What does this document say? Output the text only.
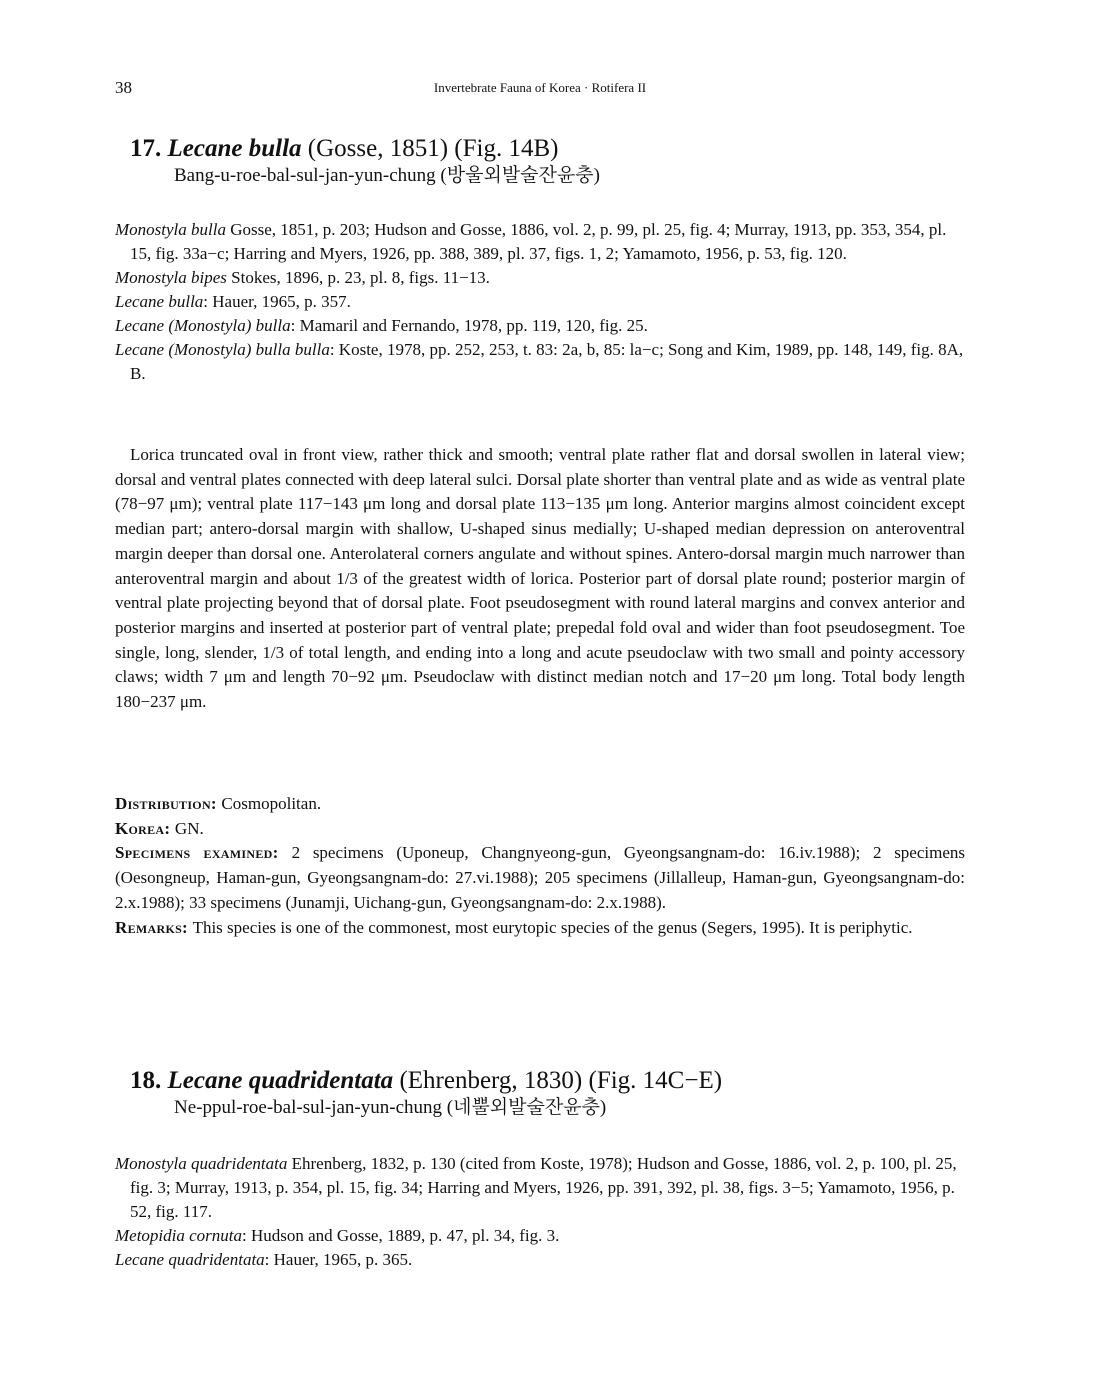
38	Invertebrate Fauna of Korea · Rotifera II
17. Lecane bulla (Gosse, 1851) (Fig. 14B)
Bang-u-roe-bal-sul-jan-yun-chung (방울외발술잔윤충)

Monostyla bulla Gosse, 1851, p. 203; Hudson and Gosse, 1886, vol. 2, p. 99, pl. 25, fig. 4; Murray, 1913, pp. 353, 354, pl. 15, fig. 33a−c; Harring and Myers, 1926, pp. 388, 389, pl. 37, figs. 1, 2; Yamamoto, 1956, p. 53, fig. 120.

Monostyla bipes Stokes, 1896, p. 23, pl. 8, figs. 11−13.

Lecane bulla: Hauer, 1965, p. 357.

Lecane (Monostyla) bulla: Mamaril and Fernando, 1978, pp. 119, 120, fig. 25.

Lecane (Monostyla) bulla bulla: Koste, 1978, pp. 252, 253, t. 83: 2a, b, 85: la−c; Song and Kim, 1989, pp. 148, 149, fig. 8A, B.

Lorica truncated oval in front view, rather thick and smooth; ventral plate rather flat and dorsal swollen in lateral view; dorsal and ventral plates connected with deep lateral sulci. Dorsal plate shorter than ventral plate and as wide as ventral plate (78−97 μm); ventral plate 117−143 μm long and dorsal plate 113−135 μm long. Anterior margins almost coincident except median part; antero-dorsal margin with shallow, U-shaped sinus medially; U-shaped median depression on anteroventral margin deeper than dorsal one. Anterolateral corners angulate and without spines. Antero-dorsal margin much narrower than anteroventral margin and about 1/3 of the greatest width of lorica. Posterior part of dorsal plate round; posterior margin of ventral plate projecting beyond that of dorsal plate. Foot pseudosegment with round lateral margins and convex anterior and posterior margins and inserted at posterior part of ventral plate; prepedal fold oval and wider than foot pseudosegment. Toe single, long, slender, 1/3 of total length, and ending into a long and acute pseudoclaw with two small and pointy accessory claws; width 7 μm and length 70−92 μm. Pseudoclaw with distinct median notch and 17−20 μm long. Total body length 180−237 μm.

Distribution: Cosmopolitan.

Korea: GN.

Specimens examined: 2 specimens (Uponeup, Changnyeong-gun, Gyeongsangnam-do: 16.iv.1988); 2 specimens (Oesongneup, Haman-gun, Gyeongsangnam-do: 27.vi.1988); 205 specimens (Jillalleup, Haman-gun, Gyeongsangnam-do: 2.x.1988); 33 specimens (Junamji, Uichang-gun, Gyeongsangnam-do: 2.x.1988).

Remarks: This species is one of the commonest, most eurytopic species of the genus (Segers, 1995). It is periphytic.

18. Lecane quadridentata (Ehrenberg, 1830) (Fig. 14C−E)
Ne-ppul-roe-bal-sul-jan-yun-chung (네뿔외발술잔윤충)

Monostyla quadridentata Ehrenberg, 1832, p. 130 (cited from Koste, 1978); Hudson and Gosse, 1886, vol. 2, p. 100, pl. 25, fig. 3; Murray, 1913, p. 354, pl. 15, fig. 34; Harring and Myers, 1926, pp. 391, 392, pl. 38, figs. 3−5; Yamamoto, 1956, p. 52, fig. 117.

Metopidia cornuta: Hudson and Gosse, 1889, p. 47, pl. 34, fig. 3.

Lecane quadridentata: Hauer, 1965, p. 365.
